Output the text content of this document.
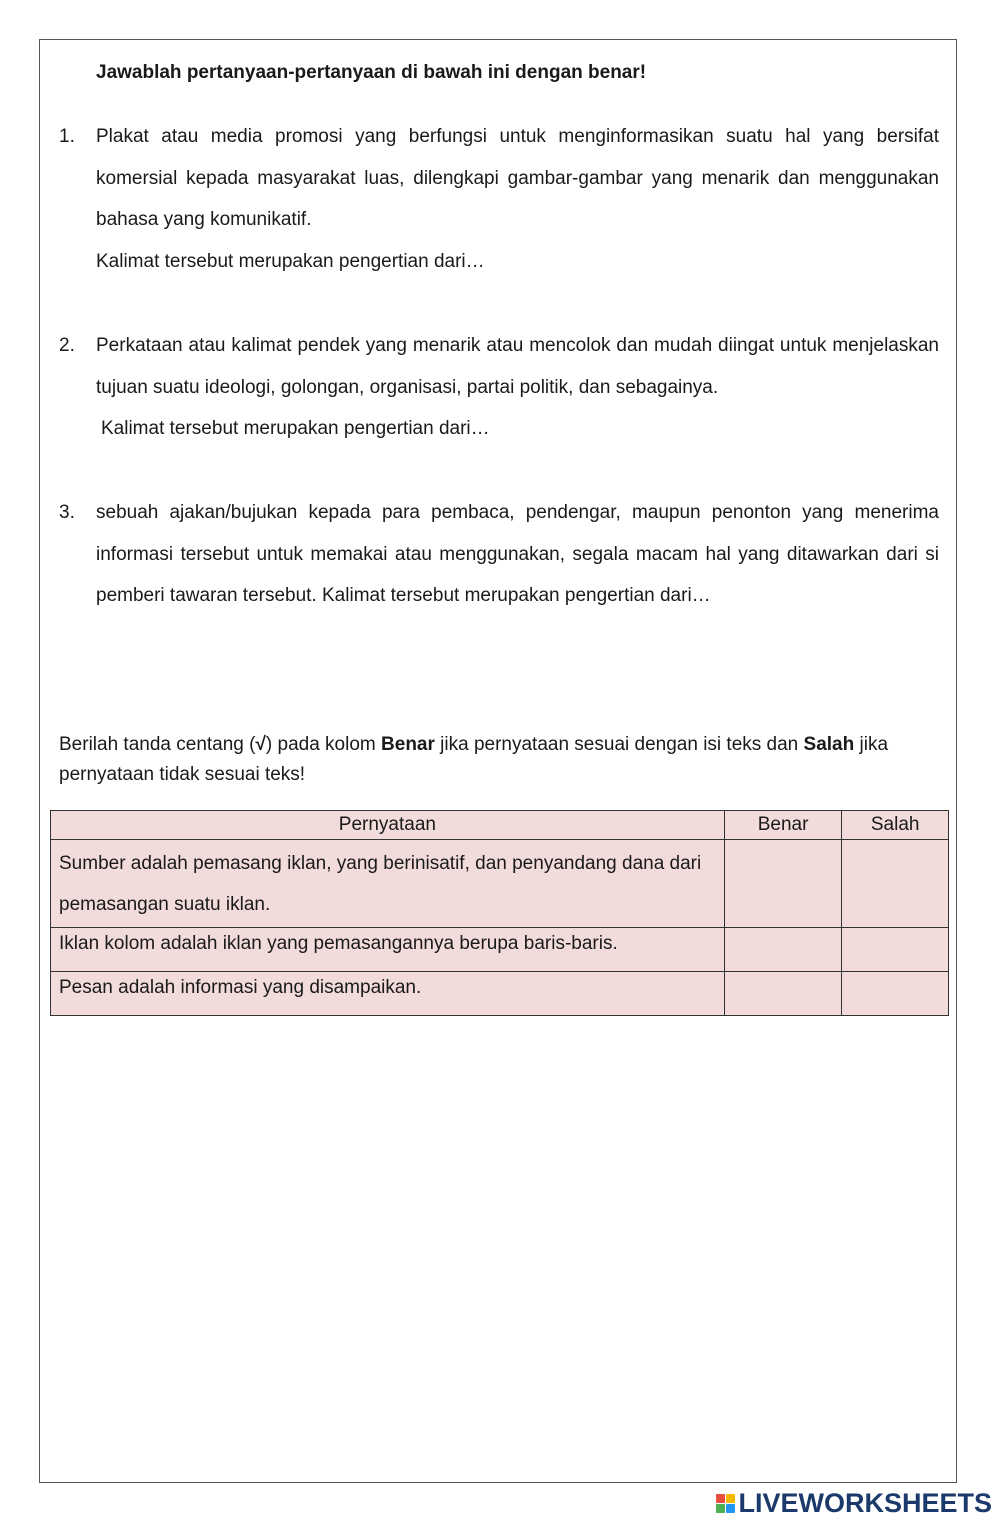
Jawablah pertanyaan-pertanyaan di bawah ini dengan benar!
1.	Plakat atau media promosi yang berfungsi untuk menginformasikan suatu hal yang bersifat komersial kepada masyarakat luas, dilengkapi gambar-gambar yang menarik dan menggunakan bahasa yang komunikatif.
Kalimat tersebut merupakan pengertian dari…
2.	Perkataan atau kalimat pendek yang menarik atau mencolok dan mudah diingat untuk menjelaskan tujuan suatu ideologi, golongan, organisasi, partai politik, dan sebagainya.
Kalimat tersebut merupakan pengertian dari…
3.	sebuah ajakan/bujukan kepada para pembaca, pendengar, maupun penonton yang menerima informasi tersebut untuk memakai atau menggunakan, segala macam hal yang ditawarkan dari si pemberi tawaran tersebut. Kalimat tersebut merupakan pengertian dari…
Berilah tanda centang (√) pada kolom Benar jika pernyataan sesuai dengan isi teks dan Salah jika pernyataan tidak sesuai teks!
Pernyataan	Benar	Salah
Sumber adalah pemasang iklan, yang berinisatif, dan penyandang dana dari pemasangan suatu iklan.		
Iklan kolom adalah iklan yang pemasangannya berupa baris-baris.		
Pesan adalah informasi yang disampaikan.		
LIVEWORKSHEETS
